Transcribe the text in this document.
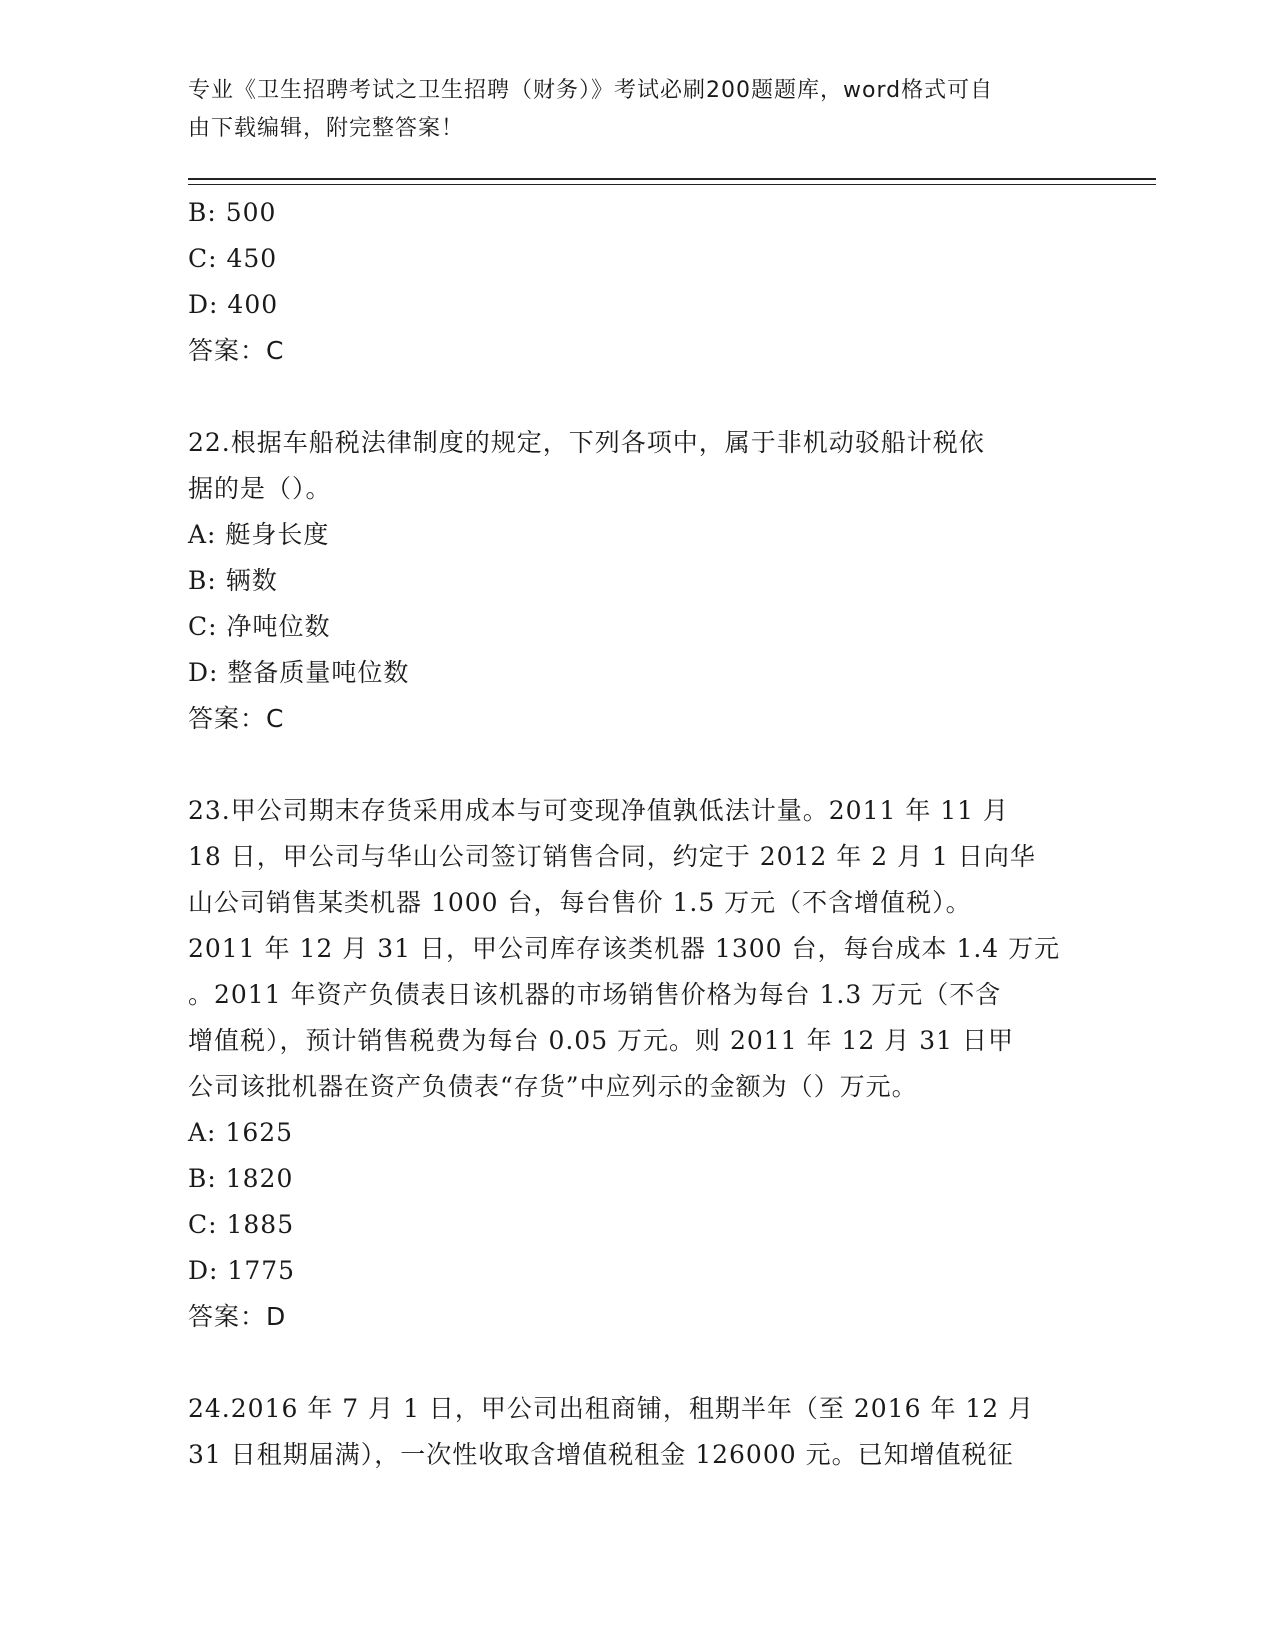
专业《卫生招聘考试之卫生招聘（财务）》考试必刷200题题库，word格式可自
由下载编辑，附完整答案！
B: 500
C: 450
D: 400
答案：C
22.根据车船税法律制度的规定，下列各项中，属于非机动驳船计税依
据的是（）。
A: 艇身长度
B: 辆数
C: 净吨位数
D: 整备质量吨位数
答案：C
23.甲公司期末存货采用成本与可变现净值孰低法计量。2011 年 11 月
18 日，甲公司与华山公司签订销售合同，约定于 2012 年 2 月 1 日向华
山公司销售某类机器 1000 台，每台售价 1.5 万元（不含增值税）。
2011 年 12 月 31 日，甲公司库存该类机器 1300 台，每台成本 1.4 万元
。2011 年资产负债表日该机器的市场销售价格为每台 1.3 万元（不含
增值税），预计销售税费为每台 0.05 万元。则 2011 年 12 月 31 日甲
公司该批机器在资产负债表“存货”中应列示的金额为（）万元。
A: 1625
B: 1820
C: 1885
D: 1775
答案：D
24.2016 年 7 月 1 日，甲公司出租商铺，租期半年（至 2016 年 12 月
31 日租期届满），一次性收取含增值税租金 126000 元。已知增值税征
